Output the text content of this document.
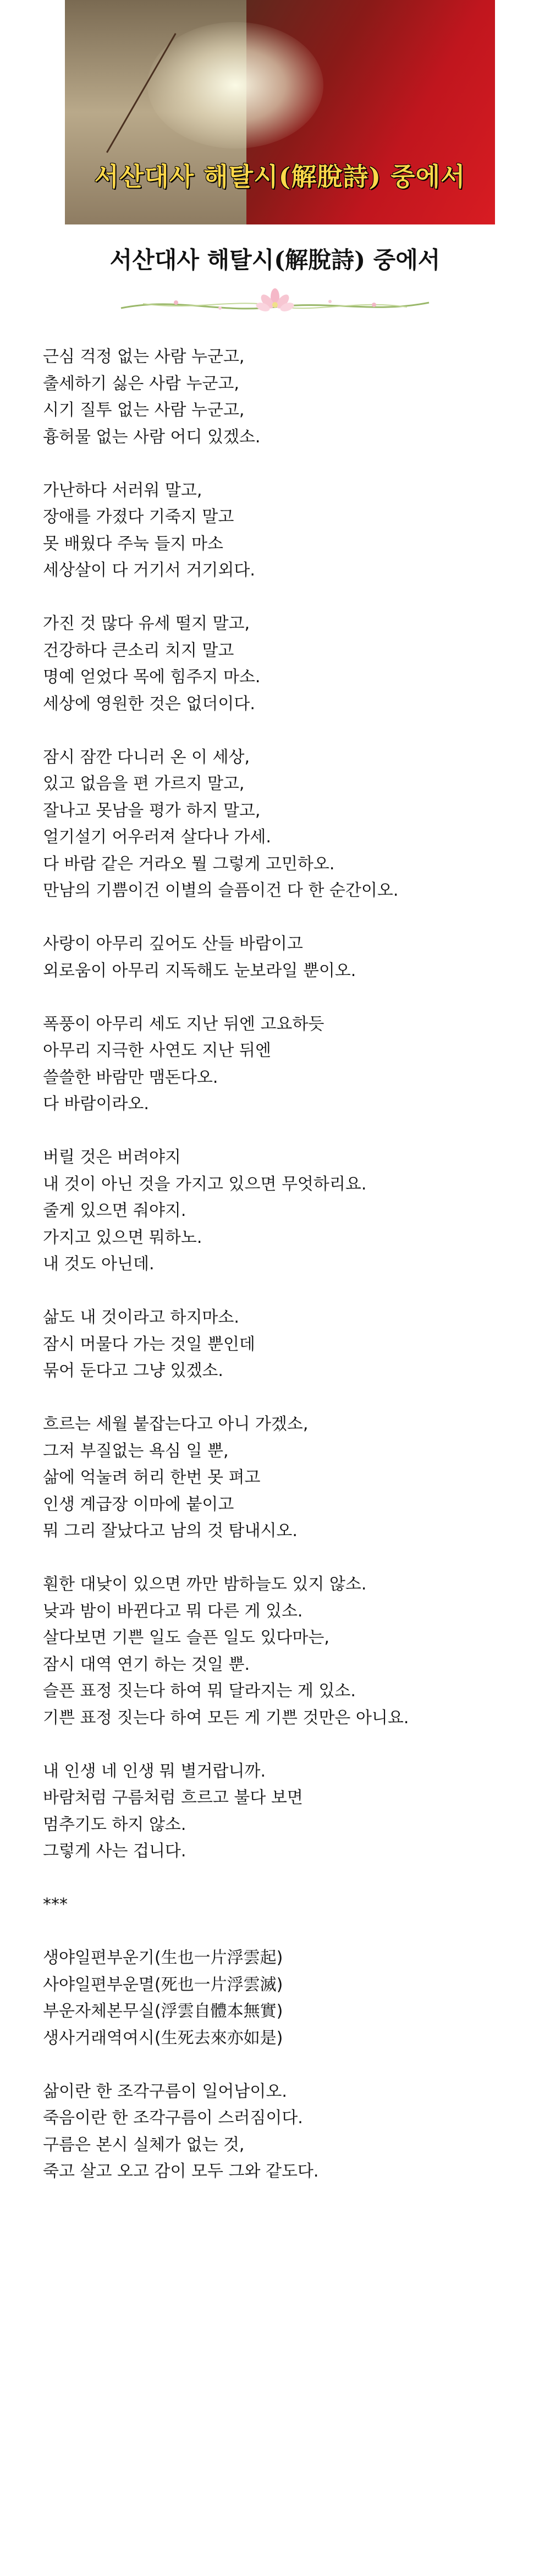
서산대사 해탈시(解脫詩) 중에서
서산대사 해탈시(解脫詩) 중에서
근심 걱정 없는 사람 누군고,
출세하기 싫은 사람 누군고,
시기 질투 없는 사람 누군고,
흉허물 없는 사람 어디 있겠소.
가난하다 서러워 말고,
장애를 가졌다 기죽지 말고
못 배웠다 주눅 들지 마소
세상살이 다 거기서 거기외다.
가진 것 많다 유세 떨지 말고,
건강하다 큰소리 치지 말고
명예 얻었다 목에 힘주지 마소.
세상에 영원한 것은 없더이다.
잠시 잠깐 다니러 온 이 세상,
있고 없음을 편 가르지 말고,
잘나고 못남을 평가 하지 말고,
얼기설기 어우러져 살다나 가세.
다 바람 같은 거라오 뭘 그렇게 고민하오.
만남의 기쁨이건 이별의 슬픔이건 다 한 순간이오.
사랑이 아무리 깊어도 산들 바람이고
외로움이 아무리 지독해도 눈보라일 뿐이오.
폭풍이 아무리 세도 지난 뒤엔 고요하듯
아무리 지극한 사연도 지난 뒤엔
쓸쓸한 바람만 맴돈다오.
다 바람이라오.
버릴 것은 버려야지
내 것이 아닌 것을 가지고 있으면 무엇하리요.
줄게 있으면 줘야지.
가지고 있으면 뭐하노.
내 것도 아닌데.
삶도 내 것이라고 하지마소.
잠시 머물다 가는 것일 뿐인데
묶어 둔다고 그냥 있겠소.
흐르는 세월 붙잡는다고 아니 가겠소,
그저 부질없는 욕심 일 뿐,
삶에 억눌려 허리 한번 못 펴고
인생 계급장 이마에 붙이고
뭐 그리 잘났다고 남의 것 탐내시오.
훤한 대낮이 있으면 까만 밤하늘도 있지 않소.
낮과 밤이 바뀐다고 뭐 다른 게 있소.
살다보면 기쁜 일도 슬픈 일도 있다마는,
잠시 대역 연기 하는 것일 뿐.
슬픈 표정 짓는다 하여 뭐 달라지는 게 있소.
기쁜 표정 짓는다 하여 모든 게 기쁜 것만은 아니요.
내 인생 네 인생 뭐 별거랍니까.
바람처럼 구름처럼 흐르고 불다 보면
멈추기도 하지 않소.
그렇게 사는 겁니다.
***
생야일편부운기(生也一片浮雲起)
사야일편부운멸(死也一片浮雲滅)
부운자체본무실(浮雲自體本無實)
생사거래역여시(生死去來亦如是)
삶이란 한 조각구름이 일어남이오.
죽음이란 한 조각구름이 스러짐이다.
구름은 본시 실체가 없는 것,
죽고 살고 오고 감이 모두 그와 같도다.
